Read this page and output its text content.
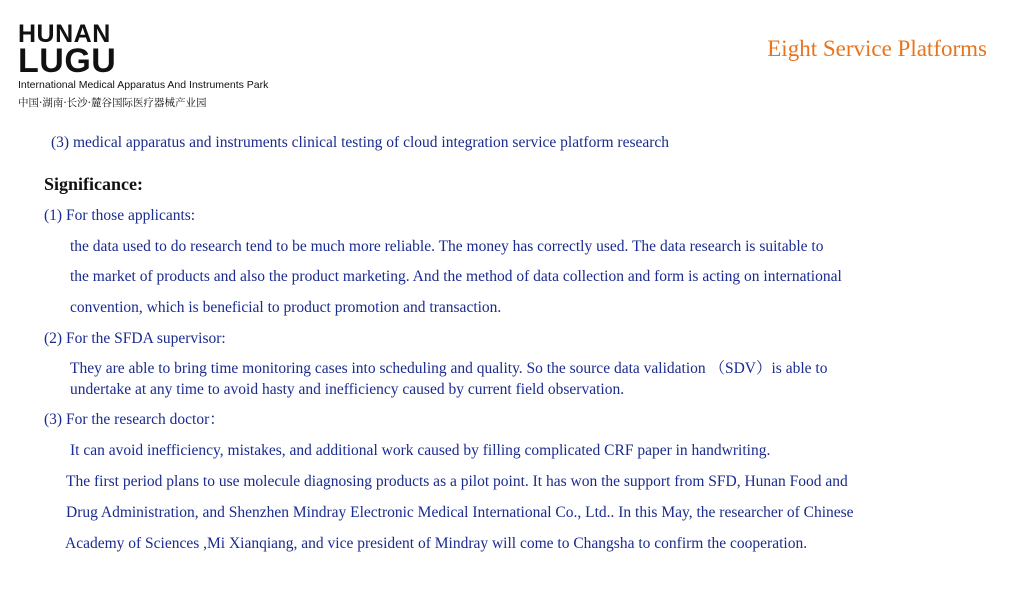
HUNAN
LUGU
International Medical Apparatus And Instruments Park
中国·湖南·长沙·麓谷国际医疗器械产业园
Eight Service Platforms
(3) medical apparatus and instruments clinical testing of cloud integration service platform research
Significance:
(1) For those applicants:
the data used to do research tend to be much more reliable. The money has correctly used. The data research is suitable to
the market of products and also the product marketing. And the method of data collection and form is acting on international
convention, which is beneficial to product promotion and transaction.
(2) For the SFDA supervisor:
They are able to bring time monitoring cases into scheduling and quality. So the source data validation （SDV）is able to
undertake at any time to avoid hasty and inefficiency caused by current field observation.
(3) For the research doctor：
It can avoid inefficiency, mistakes, and additional work caused by filling complicated CRF paper in handwriting.
The first period plans to use molecule diagnosing products as a pilot point. It has won the support from SFD, Hunan Food and
Drug Administration, and Shenzhen Mindray Electronic Medical International Co., Ltd.. In this May, the researcher of Chinese
Academy of Sciences ,Mi Xianqiang, and vice president of Mindray will come to Changsha to confirm the cooperation.
